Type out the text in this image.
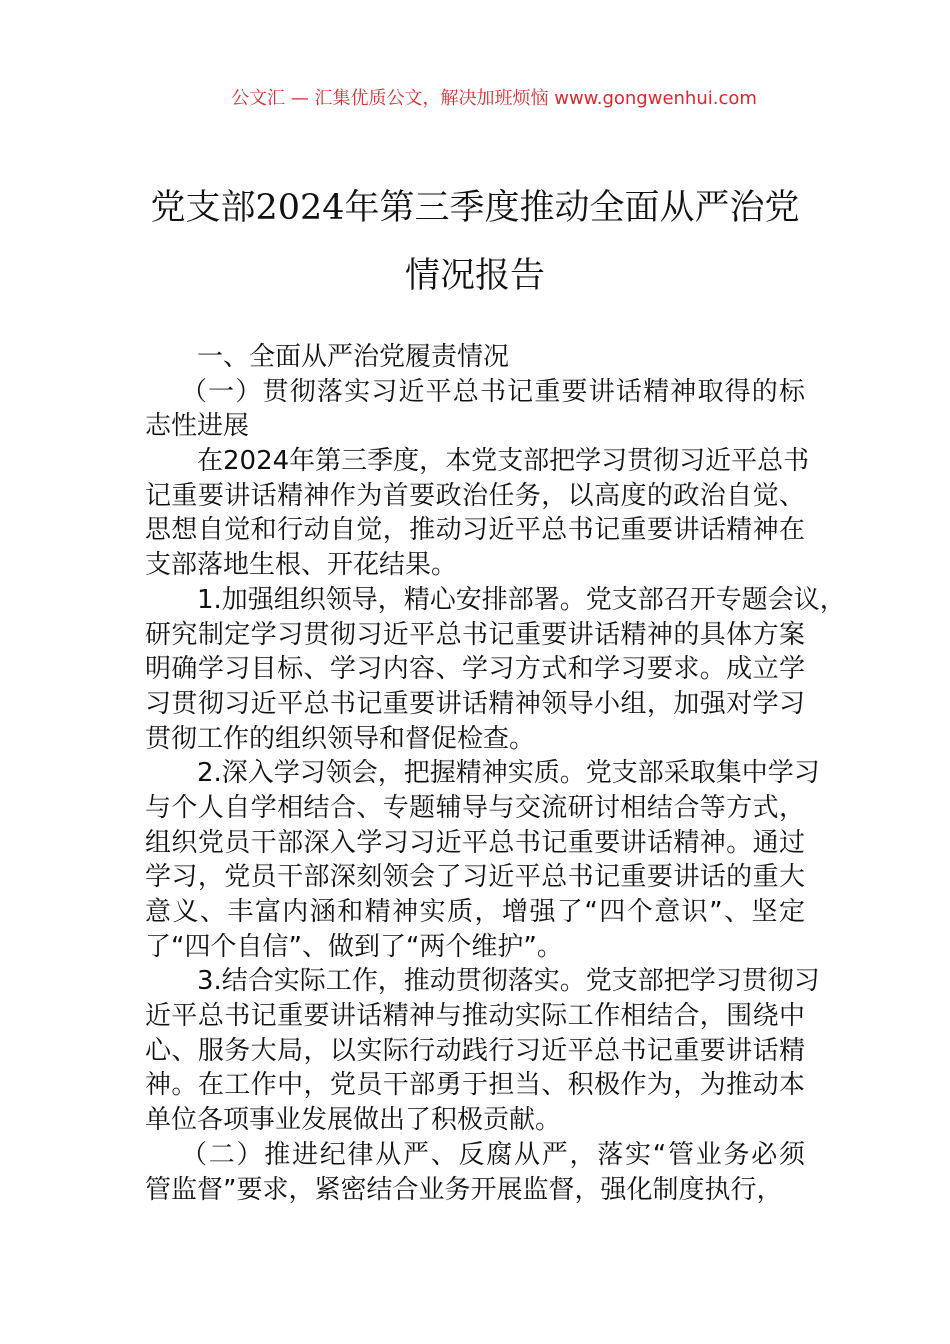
公文汇 — 汇集优质公文，解决加班烦恼 www.gongwenhui.com
党支部2024年第三季度推动全面从严治党
情况报告
一、全面从严治党履责情况
（一）贯彻落实习近平总书记重要讲话精神取得的标
志性进展
在2024年第三季度，本党支部把学习贯彻习近平总书
记重要讲话精神作为首要政治任务，以高度的政治自觉、
思想自觉和行动自觉，推动习近平总书记重要讲话精神在
支部落地生根、开花结果。
1.加强组织领导，精心安排部署。党支部召开专题会议，
研究制定学习贯彻习近平总书记重要讲话精神的具体方案
明确学习目标、学习内容、学习方式和学习要求。成立学
习贯彻习近平总书记重要讲话精神领导小组，加强对学习
贯彻工作的组织领导和督促检查。
2.深入学习领会，把握精神实质。党支部采取集中学习
与个人自学相结合、专题辅导与交流研讨相结合等方式，
组织党员干部深入学习习近平总书记重要讲话精神。通过
学习，党员干部深刻领会了习近平总书记重要讲话的重大
意义、丰富内涵和精神实质，增强了“四个意识”、坚定
了“四个自信”、做到了“两个维护”。
3.结合实际工作，推动贯彻落实。党支部把学习贯彻习
近平总书记重要讲话精神与推动实际工作相结合，围绕中
心、服务大局，以实际行动践行习近平总书记重要讲话精
神。在工作中，党员干部勇于担当、积极作为，为推动本
单位各项事业发展做出了积极贡献。
（二）推进纪律从严、反腐从严，落实“管业务必须
管监督”要求，紧密结合业务开展监督，强化制度执行，
